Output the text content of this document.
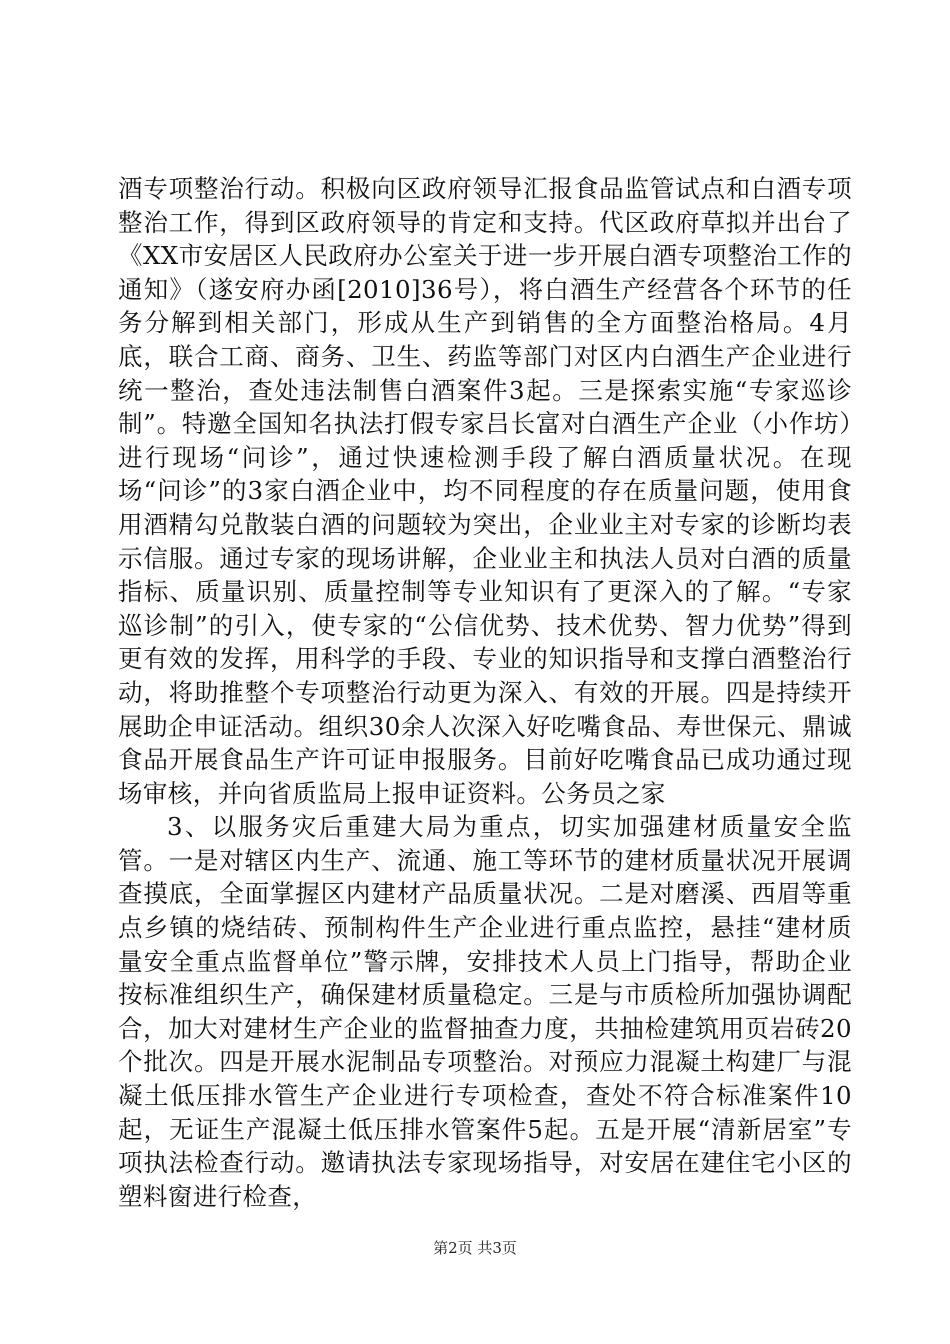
酒专项整治行动。积极向区政府领导汇报食品监管试点和白酒专项整治工作，得到区政府领导的肯定和支持。代区政府草拟并出台了《XX市安居区人民政府办公室关于进一步开展白酒专项整治工作的通知》（遂安府办函[2010]36号），将白酒生产经营各个环节的任务分解到相关部门，形成从生产到销售的全方面整治格局。4月底，联合工商、商务、卫生、药监等部门对区内白酒生产企业进行统一整治，查处违法制售白酒案件3起。三是探索实施“专家巡诊制”。特邀全国知名执法打假专家吕长富对白酒生产企业（小作坊）进行现场“问诊”，通过快速检测手段了解白酒质量状况。在现场“问诊”的3家白酒企业中，均不同程度的存在质量问题，使用食用酒精勾兑散装白酒的问题较为突出，企业业主对专家的诊断均表示信服。通过专家的现场讲解，企业业主和执法人员对白酒的质量指标、质量识别、质量控制等专业知识有了更深入的了解。“专家巡诊制”的引入，使专家的“公信优势、技术优势、智力优势”得到更有效的发挥，用科学的手段、专业的知识指导和支撑白酒整治行动，将助推整个专项整治行动更为深入、有效的开展。四是持续开展助企申证活动。组织30余人次深入好吃嘴食品、寿世保元、鼎诚食品开展食品生产许可证申报服务。目前好吃嘴食品已成功通过现场审核，并向省质监局上报申证资料。公务员之家

3、以服务灾后重建大局为重点，切实加强建材质量安全监管。一是对辖区内生产、流通、施工等环节的建材质量状况开展调查摸底，全面掌握区内建材产品质量状况。二是对磨溪、西眉等重点乡镇的烧结砖、预制构件生产企业进行重点监控，悬挂“建材质量安全重点监督单位”警示牌，安排技术人员上门指导，帮助企业按标准组织生产，确保建材质量稳定。三是与市质检所加强协调配合，加大对建材生产企业的监督抽查力度，共抽检建筑用页岩砖20个批次。四是开展水泥制品专项整治。对预应力混凝土构建厂与混凝土低压排水管生产企业进行专项检查，查处不符合标准案件10起，无证生产混凝土低压排水管案件5起。五是开展“清新居室”专项执法检查行动。邀请执法专家现场指导，对安居在建住宅小区的塑料窗进行检查，

第2页 共3页
